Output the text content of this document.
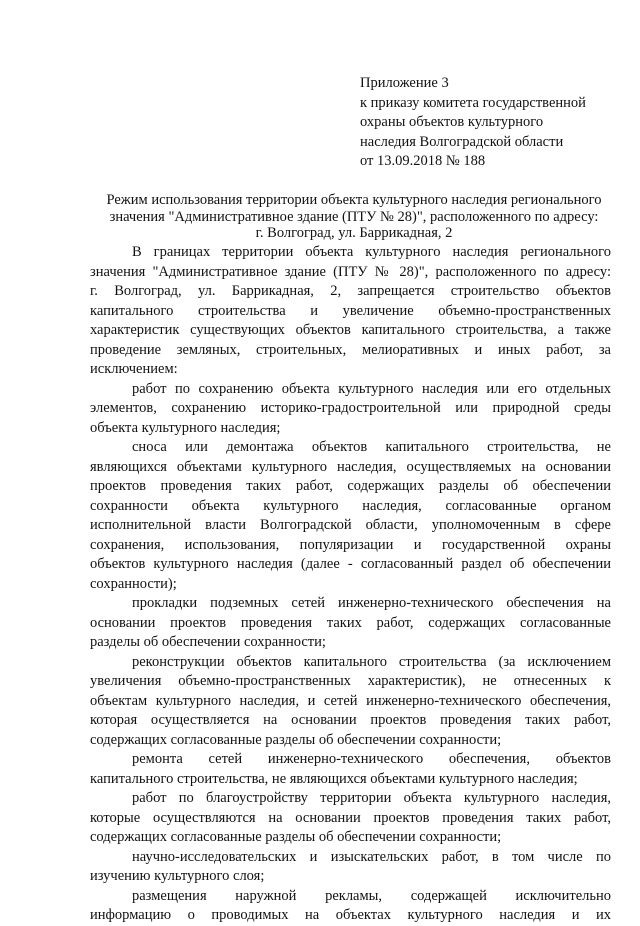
Приложение 3
к приказу комитета государственной
охраны объектов культурного
наследия Волгоградской области
от 13.09.2018 № 188
Режим использования территории объекта культурного наследия регионального
значения "Административное здание (ПТУ № 28)", расположенного по адресу:
г. Волгоград, ул. Баррикадная, 2
В границах территории объекта культурного наследия регионального
значения "Административное здание (ПТУ № 28)", расположенного по адресу:
г. Волгоград, ул. Баррикадная, 2, запрещается строительство объектов
капитального строительства и увеличение объемно-пространственных
характеристик существующих объектов капитального строительства, а также
проведение земляных, строительных, мелиоративных и иных работ, за
исключением:
работ по сохранению объекта культурного наследия или его отдельных
элементов, сохранению историко-градостроительной или природной среды
объекта культурного наследия;
сноса или демонтажа объектов капитального строительства, не
являющихся объектами культурного наследия, осуществляемых на основании
проектов проведения таких работ, содержащих разделы об обеспечении
сохранности объекта культурного наследия, согласованные органом
исполнительной власти Волгоградской области, уполномоченным в сфере
сохранения, использования, популяризации и государственной охраны
объектов культурного наследия (далее - согласованный раздел об обеспечении
сохранности);
прокладки подземных сетей инженерно-технического обеспечения на
основании проектов проведения таких работ, содержащих согласованные
разделы об обеспечении сохранности;
реконструкции объектов капитального строительства (за исключением
увеличения объемно-пространственных характеристик), не отнесенных к
объектам культурного наследия, и сетей инженерно-технического обеспечения,
которая осуществляется на основании проектов проведения таких работ,
содержащих согласованные разделы об обеспечении сохранности;
ремонта сетей инженерно-технического обеспечения, объектов
капитального строительства, не являющихся объектами культурного наследия;
работ по благоустройству территории объекта культурного наследия,
которые осуществляются на основании проектов проведения таких работ,
содержащих согласованные разделы об обеспечении сохранности;
научно-исследовательских и изыскательских работ, в том числе по
изучению культурного слоя;
размещения наружной рекламы, содержащей исключительно
информацию о проводимых на объектах культурного наследия и их
